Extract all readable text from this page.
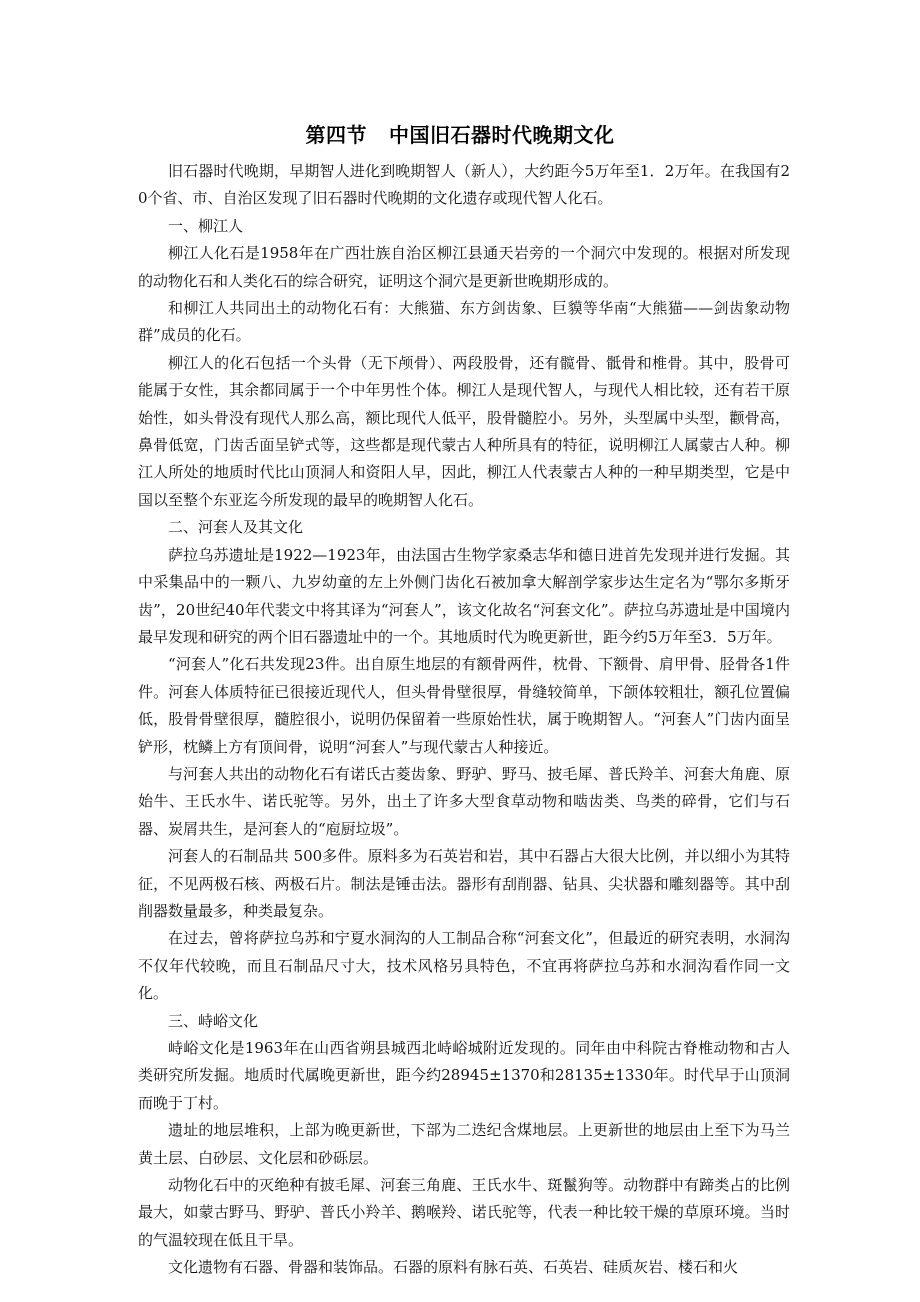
第四节 中国旧石器时代晚期文化

旧石器时代晚期，早期智人进化到晚期智人（新人），大约距今5万年至1．2万年。在我国有20个省、市、自治区发现了旧石器时代晚期的文化遗存或现代智人化石。

一、柳江人

柳江人化石是1958年在广西壮族自治区柳江县通天岩旁的一个洞穴中发现的。根据对所发现的动物化石和人类化石的综合研究，证明这个洞穴是更新世晚期形成的。

和柳江人共同出土的动物化石有：大熊猫、东方剑齿象、巨貘等华南“大熊猫——剑齿象动物群”成员的化石。

柳江人的化石包括一个头骨（无下颅骨）、两段股骨，还有髋骨、骶骨和椎骨。其中，股骨可能属于女性，其余都同属于一个中年男性个体。柳江人是现代智人，与现代人相比较，还有若干原始性，如头骨没有现代人那么高，额比现代人低平，股骨髓腔小。另外，头型属中头型，颧骨高，鼻骨低宽，门齿舌面呈铲式等，这些都是现代蒙古人种所具有的特征，说明柳江人属蒙古人种。柳江人所处的地质时代比山顶洞人和资阳人早，因此，柳江人代表蒙古人种的一种早期类型，它是中国以至整个东亚迄今所发现的最早的晚期智人化石。

二、河套人及其文化

萨拉乌苏遗址是1922—1923年，由法国古生物学家桑志华和德日进首先发现并进行发掘。其中采集品中的一颗八、九岁幼童的左上外侧门齿化石被加拿大解剖学家步达生定名为“鄂尔多斯牙齿”，20世纪40年代裴文中将其译为“河套人”，该文化故名“河套文化”。萨拉乌苏遗址是中国境内最早发现和研究的两个旧石器遗址中的一个。其地质时代为晚更新世，距今约5万年至3．5万年。

“河套人”化石共发现23件。出自原生地层的有额骨两件，枕骨、下额骨、肩甲骨、胫骨各1件件。河套人体质特征已很接近现代人，但头骨骨壁很厚，骨缝较简单，下颌体较粗壮，额孔位置偏低，股骨骨壁很厚，髓腔很小，说明仍保留着一些原始性状，属于晚期智人。“河套人”门齿内面呈铲形，枕鳞上方有顶间骨，说明“河套人”与现代蒙古人种接近。

与河套人共出的动物化石有诺氏古菱齿象、野驴、野马、披毛犀、普氏羚羊、河套大角鹿、原始牛、王氏水牛、诺氏驼等。另外，出土了许多大型食草动物和啮齿类、鸟类的碎骨，它们与石器、炭屑共生，是河套人的“庖厨垃圾”。

河套人的石制品共 500多件。原料多为石英岩和岩，其中石器占大很大比例，并以细小为其特征，不见两极石核、两极石片。制法是锤击法。器形有刮削器、钻具、尖状器和雕刻器等。其中刮削器数量最多，种类最复杂。

在过去，曾将萨拉乌苏和宁夏水洞沟的人工制品合称“河套文化”，但最近的研究表明，水洞沟不仅年代较晚，而且石制品尺寸大，技术风格另具特色，不宜再将萨拉乌苏和水洞沟看作同一文化。

三、峙峪文化

峙峪文化是1963年在山西省朔县城西北峙峪城附近发现的。同年由中科院古脊椎动物和古人类研究所发掘。地质时代属晚更新世，距今约28945±1370和28135±1330年。时代早于山顶洞而晚于丁村。

遗址的地层堆积，上部为晚更新世，下部为二迭纪含煤地层。上更新世的地层由上至下为马兰黄土层、白砂层、文化层和砂砾层。

动物化石中的灭绝种有披毛犀、河套三角鹿、王氏水牛、斑鬣狗等。动物群中有蹄类占的比例最大，如蒙古野马、野驴、普氏小羚羊、鹅喉羚、诺氏驼等，代表一种比较干燥的草原环境。当时的气温较现在低且干旱。

文化遗物有石器、骨器和装饰品。石器的原料有脉石英、石英岩、硅质灰岩、楼石和火
